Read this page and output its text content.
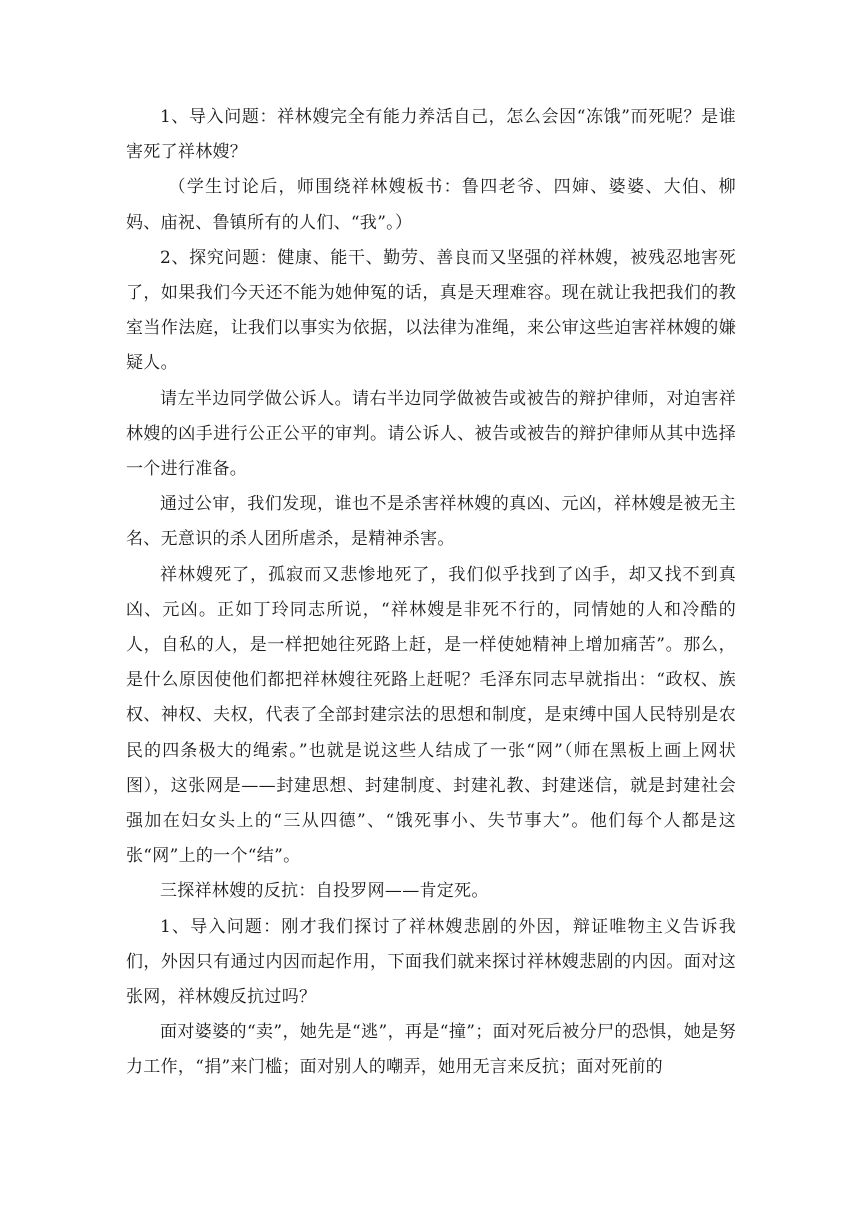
1、导入问题：祥林嫂完全有能力养活自己，怎么会因“冻饿”而死呢？是谁害死了祥林嫂？

（学生讨论后，师围绕祥林嫂板书：鲁四老爷、四婶、婆婆、大伯、柳妈、庙祝、鲁镇所有的人们、“我”。）

2、探究问题：健康、能干、勤劳、善良而又坚强的祥林嫂，被残忍地害死了，如果我们今天还不能为她伸冤的话，真是天理难容。现在就让我把我们的教室当作法庭，让我们以事实为依据，以法律为准绳，来公审这些迫害祥林嫂的嫌疑人。

请左半边同学做公诉人。请右半边同学做被告或被告的辩护律师，对迫害祥林嫂的凶手进行公正公平的审判。请公诉人、被告或被告的辩护律师从其中选择一个进行准备。

通过公审，我们发现，谁也不是杀害祥林嫂的真凶、元凶，祥林嫂是被无主名、无意识的杀人团所虐杀，是精神杀害。

祥林嫂死了，孤寂而又悲惨地死了，我们似乎找到了凶手，却又找不到真凶、元凶。正如丁玲同志所说，“祥林嫂是非死不行的，同情她的人和冷酷的人，自私的人，是一样把她往死路上赶，是一样使她精神上增加痛苦”。那么，是什么原因使他们都把祥林嫂往死路上赶呢？毛泽东同志早就指出：“政权、族权、神权、夫权，代表了全部封建宗法的思想和制度，是束缚中国人民特别是农民的四条极大的绳索。”也就是说这些人结成了一张“网”（师在黑板上画上网状图），这张网是——封建思想、封建制度、封建礼教、封建迷信，就是封建社会强加在妇女头上的“三从四德”、“饿死事小、失节事大”。他们每个人都是这张“网”上的一个“结”。

三探祥林嫂的反抗：自投罗网——肯定死。

1、导入问题：刚才我们探讨了祥林嫂悲剧的外因，辩证唯物主义告诉我们，外因只有通过内因而起作用，下面我们就来探讨祥林嫂悲剧的内因。面对这张网，祥林嫂反抗过吗？

面对婆婆的“卖”，她先是“逃”，再是“撞”；面对死后被分尸的恐惧，她是努力工作，“捐”来门槛；面对别人的嘲弄，她用无言来反抗；面对死前的
